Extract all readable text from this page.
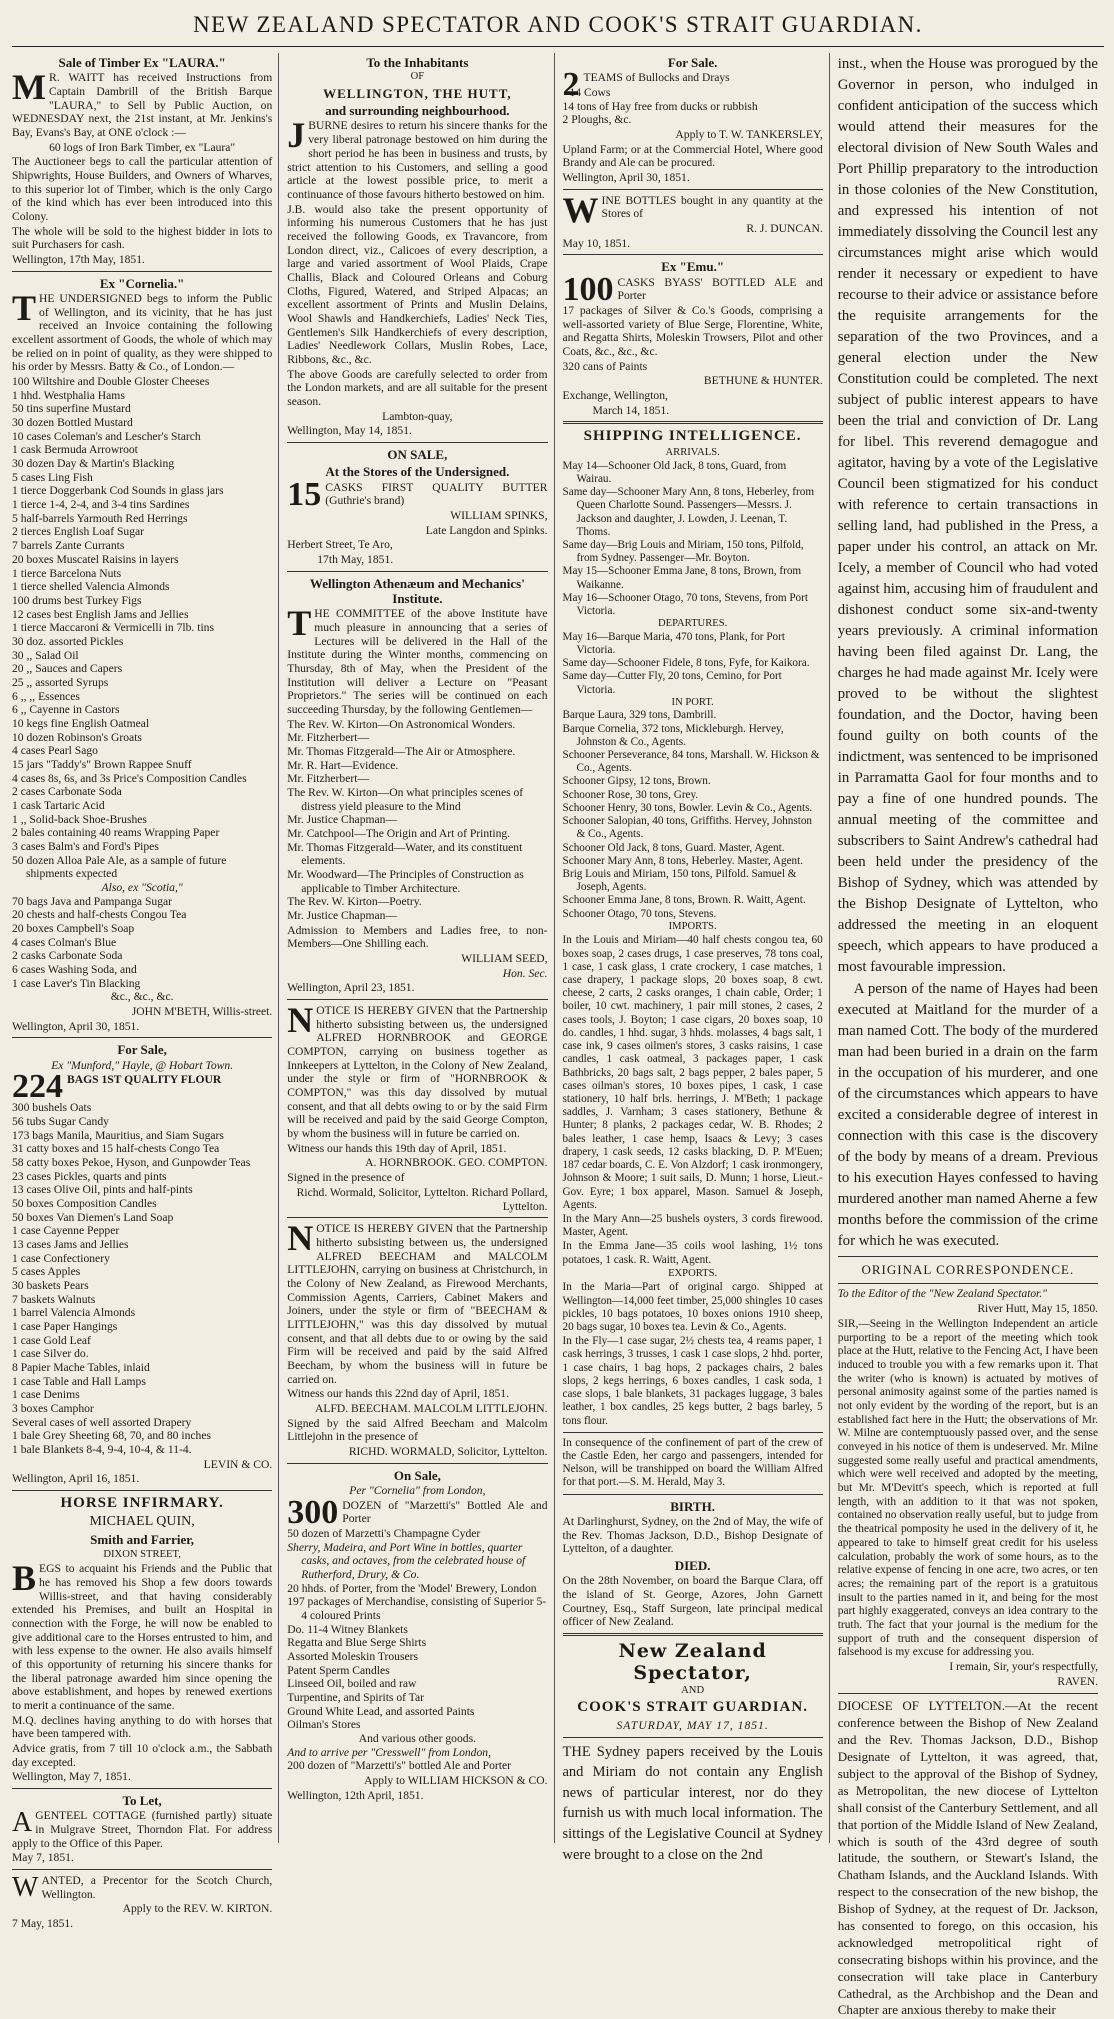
NEW ZEALAND SPECTATOR AND COOK'S STRAIT GUARDIAN.
Sale of Timber Ex "LAURA."

M R. WAITT has received Instructions from Captain Dambrill of the British Barque "LAURA," to Sell by Public Auction, on WEDNESDAY next, the 21st instant, at Mr. Jenkins's Bay, Evans's Bay, at ONE o'clock :—

60 logs of Iron Bark Timber, ex "Laura"

The Auctioneer begs to call the particular attention of Shipwrights, House Builders, and Owners of Wharves, to this superior lot of Timber, which is the only Cargo of the kind which has ever been introduced into this Colony.

The whole will be sold to the highest bidder in lots to suit Purchasers for cash.

Wellington, 17th May, 1851.

Ex "Cornelia."

THE UNDERSIGNED begs to inform the Public of Wellington, and its vicinity, that he has just received an Invoice containing the following excellent assortment of Goods, the whole of which may be relied on in point of quality, as they were shipped to his order by Messrs. Batty & Co., of London.—

100 Wiltshire and Double Gloster Cheeses
1 hhd. Westphalia Hams
50 tins superfine Mustard
30 dozen Bottled Mustard
10 cases Coleman's and Lescher's Starch
1 cask Bermuda Arrowroot
30 dozen Day & Martin's Blacking
5 cases Ling Fish
1 tierce Doggerbank Cod Sounds in glass jars
1 tierce 1-4, 2-4, and 3-4 tins Sardines
5 half-barrels Yarmouth Red Herrings
2 tierces English Loaf Sugar
7 barrels Zante Currants
20 boxes Muscatel Raisins in layers
1 tierce Barcelona Nuts
1 tierce shelled Valencia Almonds
100 drums best Turkey Figs
12 cases best English Jams and Jellies
1 tierce Maccaroni & Vermicelli in 7lb. tins
30 doz. assorted Pickles
30 ,, Salad Oil
20 ,, Sauces and Capers
25 ,, assorted Syrups
6 ,, ,, Essences
6 ,, Cayenne in Castors
10 kegs fine English Oatmeal
10 dozen Robinson's Groats
4 cases Pearl Sago
15 jars "Taddy's" Brown Rappee Snuff
4 cases 8s, 6s, and 3s Price's Composition Candles
2 cases Carbonate Soda
1 cask Tartaric Acid
1 ,, Solid-back Shoe-Brushes
2 bales containing 40 reams Wrapping Paper
3 cases Balm's and Ford's Pipes
50 dozen Alloa Pale Ale, as a sample of future shipments expected
Also, ex "Scotia,"
70 bags Java and Pampanga Sugar
20 chests and half-chests Congou Tea
20 boxes Campbell's Soap
4 cases Colman's Blue
2 casks Carbonate Soda
6 cases Washing Soda, and
1 case Laver's Tin Blacking
&c., &c., &c.

JOHN M'BETH, Willis-street.

Wellington, April 30, 1851.

For Sale,
Ex "Munford," Hayle, @ Hobart Town.

224 BAGS 1ST QUALITY FLOUR

300 bushels Oats
56 tubs Sugar Candy
173 bags Manila, Mauritius, and Siam Sugars
31 catty boxes and 15 half-chests Congo Tea
58 catty boxes Pekoe, Hyson, and Gunpowder Teas
23 cases Pickles, quarts and pints
13 cases Olive Oil, pints and half-pints
50 boxes Composition Candles
50 boxes Van Diemen's Land Soap
1 case Cayenne Pepper
13 cases Jams and Jellies
1 case Confectionery
5 cases Apples
30 baskets Pears
7 baskets Walnuts
1 barrel Valencia Almonds
1 case Paper Hangings
1 case Gold Leaf
1 case Silver do.
8 Papier Mache Tables, inlaid
1 case Table and Hall Lamps
1 case Denims
3 boxes Camphor
Several cases of well assorted Drapery
1 bale Grey Sheeting 68, 70, and 80 inches
1 bale Blankets 8-4, 9-4, 10-4, & 11-4.

LEVIN & CO.

Wellington, April 16, 1851.

HORSE INFIRMARY.
MICHAEL QUIN,
Smith and Farrier,
DIXON STREET,

BEGS to acquaint his Friends and the Public that he has removed his Shop a few doors towards Willis-street, and that having considerably extended his Premises, and built an Hospital in connection with the Forge, he will now be enabled to give additional care to the Horses entrusted to him, and with less expense to the owner. He also avails himself of this opportunity of returning his sincere thanks for the liberal patronage awarded him since opening the above establishment, and hopes by renewed exertions to merit a continuance of the same.

M.Q. declines having anything to do with horses that have been tampered with.

Advice gratis, from 7 till 10 o'clock a.m., the Sabbath day excepted.

Wellington, May 7, 1851.

To Let,

AGENTEEL COTTAGE (furnished partly) situate in Mulgrave Street, Thorndon Flat. For address apply to the Office of this Paper.

May 7, 1851.

WANTED, a Precentor for the Scotch Church, Wellington.

Apply to the REV. W. KIRTON.

7 May, 1851.

To the Inhabitants
OF
WELLINGTON, THE HUTT,
and surrounding neighbourhood.

JBURNE desires to return his sincere thanks for the very liberal patronage bestowed on him during the short period he has been in business and trusts, by strict attention to his Customers, and selling a good article at the lowest possible price, to merit a continuance of those favours hitherto bestowed on him.

J.B. would also take the present opportunity of informing his numerous Customers that he has just received the following Goods, ex Travancore, from London direct, viz., Calicoes of every description, a large and varied assortment of Wool Plaids, Crape Challis, Black and Coloured Orleans and Coburg Cloths, Figured, Watered, and Striped Alpacas; an excellent assortment of Prints and Muslin Delains, Wool Shawls and Handkerchiefs, Ladies' Neck Ties, Gentlemen's Silk Handkerchiefs of every description, Ladies' Needlework Collars, Muslin Robes, Lace, Ribbons, &c., &c.

The above Goods are carefully selected to order from the London markets, and are all suitable for the present season.

Lambton-quay,

Wellington, May 14, 1851.

ON SALE,
At the Stores of the Undersigned.

15 CASKS FIRST QUALITY BUTTER (Guthrie's brand)

WILLIAM SPINKS,

Late Langdon and Spinks.

Herbert Street, Te Aro,

17th May, 1851.

Wellington Athenæum and Mechanics' Institute.

THE COMMITTEE of the above Institute have much pleasure in announcing that a series of Lectures will be delivered in the Hall of the Institute during the Winter months, commencing on Thursday, 8th of May, when the President of the Institution will deliver a Lecture on "Peasant Proprietors." The series will be continued on each succeeding Thursday, by the following Gentlemen—

The Rev. W. Kirton—On Astronomical Wonders.
Mr. Fitzherbert—
Mr. Thomas Fitzgerald—The Air or Atmosphere.
Mr. R. Hart—Evidence.
Mr. Fitzherbert—
The Rev. W. Kirton—On what principles scenes of distress yield pleasure to the Mind
Mr. Justice Chapman—
Mr. Catchpool—The Origin and Art of Printing.
Mr. Thomas Fitzgerald—Water, and its constituent elements.
Mr. Woodward—The Principles of Construction as applicable to Timber Architecture.
The Rev. W. Kirton—Poetry.
Mr. Justice Chapman—

Admission to Members and Ladies free, to non-Members—One Shilling each.

WILLIAM SEED,

Hon. Sec.

Wellington, April 23, 1851.

NOTICE IS HEREBY GIVEN that the Partnership hitherto subsisting between us, the undersigned ALFRED HORNBROOK and GEORGE COMPTON, carrying on business together as Innkeepers at Lyttelton, in the Colony of New Zealand, under the style or firm of "HORNBROOK & COMPTON," was this day dissolved by mutual consent, and that all debts owing to or by the said Firm will be received and paid by the said George Compton, by whom the business will in future be carried on.

Witness our hands this 19th day of April, 1851.

A. HORNBROOK. GEO. COMPTON.

Signed in the presence of

Richd. Wormald, Solicitor, Lyttelton. Richard Pollard, Lyttelton.

NOTICE IS HEREBY GIVEN that the Partnership hitherto subsisting between us, the undersigned ALFRED BEECHAM and MALCOLM LITTLEJOHN, carrying on business at Christchurch, in the Colony of New Zealand, as Firewood Merchants, Commission Agents, Carriers, Cabinet Makers and Joiners, under the style or firm of "BEECHAM & LITTLEJOHN," was this day dissolved by mutual consent, and that all debts due to or owing by the said Firm will be received and paid by the said Alfred Beecham, by whom the business will in future be carried on.

Witness our hands this 22nd day of April, 1851.

ALFD. BEECHAM. MALCOLM LITTLEJOHN.

Signed by the said Alfred Beecham and Malcolm Littlejohn in the presence of

RICHD. WORMALD, Solicitor, Lyttelton.

On Sale,
Per "Cornelia" from London,

300 DOZEN of "Marzetti's" Bottled Ale and Porter

50 dozen of Marzetti's Champagne Cyder
Sherry, Madeira, and Port Wine in bottles, quarter casks, and octaves, from the celebrated house of Rutherford, Drury, & Co.
20 hhds. of Porter, from the 'Model' Brewery, London
197 packages of Merchandise, consisting of Superior 5-4 coloured Prints
Do. 11-4 Witney Blankets
Regatta and Blue Serge Shirts
Assorted Moleskin Trousers
Patent Sperm Candles
Linseed Oil, boiled and raw
Turpentine, and Spirits of Tar
Ground White Lead, and assorted Paints
Oilman's Stores
And various other goods.
And to arrive per "Cresswell" from London,
200 dozen of "Marzetti's" bottled Ale and Porter

Apply to WILLIAM HICKSON & CO.

Wellington, 12th April, 1851.

For Sale.

2 TEAMS of Bullocks and Drays

14 Cows
14 tons of Hay free from ducks or rubbish
2 Ploughs, &c.

Apply to T. W. TANKERSLEY,

Upland Farm; or at the Commercial Hotel, Where good Brandy and Ale can be procured.

Wellington, April 30, 1851.

WINE BOTTLES bought in any quantity at the Stores of

R. J. DUNCAN.

May 10, 1851.

Ex "Emu."

100 CASKS BYASS' BOTTLED ALE and Porter

17 packages of Silver & Co.'s Goods, comprising a well-assorted variety of Blue Serge, Florentine, White, and Regatta Shirts, Moleskin Trowsers, Pilot and other Coats, &c., &c., &c.

320 cans of Paints

BETHUNE & HUNTER.

Exchange, Wellington,

March 14, 1851.

SHIPPING INTELLIGENCE.
ARRIVALS.
May 14—Schooner Old Jack, 8 tons, Guard, from Wairau.
Same day—Schooner Mary Ann, 8 tons, Heberley, from Queen Charlotte Sound. Passengers—Messrs. J. Jackson and daughter, J. Lowden, J. Leenan, T. Thoms.
Same day—Brig Louis and Miriam, 150 tons, Pilfold, from Sydney. Passenger—Mr. Boyton.
May 15—Schooner Emma Jane, 8 tons, Brown, from Waikanne.
May 16—Schooner Otago, 70 tons, Stevens, from Port Victoria.
DEPARTURES.
May 16—Barque Maria, 470 tons, Plank, for Port Victoria.
Same day—Schooner Fidele, 8 tons, Fyfe, for Kaikora.
Same day—Cutter Fly, 20 tons, Cemino, for Port Victoria.
IN PORT.
Barque Laura, 329 tons, Dambrill.
Barque Cornelia, 372 tons, Mickleburgh. Hervey, Johnston & Co., Agents.
Schooner Perseverance, 84 tons, Marshall. W. Hickson & Co., Agents.
Schooner Gipsy, 12 tons, Brown.
Schooner Rose, 30 tons, Grey.
Schooner Henry, 30 tons, Bowler. Levin & Co., Agents.
Schooner Salopian, 40 tons, Griffiths. Hervey, Johnston & Co., Agents.
Schooner Old Jack, 8 tons, Guard. Master, Agent.
Schooner Mary Ann, 8 tons, Heberley. Master, Agent.
Brig Louis and Miriam, 150 tons, Pilfold. Samuel & Joseph, Agents.
Schooner Emma Jane, 8 tons, Brown. R. Waitt, Agent.
Schooner Otago, 70 tons, Stevens.
IMPORTS.

In the Louis and Miriam—40 half chests congou tea, 60 boxes soap, 2 cases drugs, 1 case preserves, 78 tons coal, 1 case, 1 cask glass, 1 crate crockery, 1 case matches, 1 case drapery, 1 package slops, 20 boxes soap, 8 cwt. cheese, 2 carts, 2 casks oranges, 1 chain cable, Order; 1 boiler, 10 cwt. machinery, 1 pair mill stones, 2 cases, 2 cases tools, J. Boyton; 1 case cigars, 20 boxes soap, 10 do. candles, 1 hhd. sugar, 3 hhds. molasses, 4 bags salt, 1 case ink, 9 cases oilmen's stores, 3 casks raisins, 1 case candles, 1 cask oatmeal, 3 packages paper, 1 cask Bathbricks, 20 bags salt, 2 bags pepper, 2 bales paper, 5 cases oilman's stores, 10 boxes pipes, 1 cask, 1 case stationery, 10 half brls. herrings, J. M'Beth; 1 package saddles, J. Varnham; 3 cases stationery, Bethune & Hunter; 8 planks, 2 packages cedar, W. B. Rhodes; 2 bales leather, 1 case hemp, Isaacs & Levy; 3 cases drapery, 1 cask seeds, 12 casks blacking, D. P. M'Euen; 187 cedar boards, C. E. Von Alzdorf; 1 cask ironmongery, Johnson & Moore; 1 suit sails, D. Munn; 1 horse, Lieut.-Gov. Eyre; 1 box apparel, Mason. Samuel & Joseph, Agents.

In the Mary Ann—25 bushels oysters, 3 cords firewood. Master, Agent.

In the Emma Jane—35 coils wool lashing, 1½ tons potatoes, 1 cask. R. Waitt, Agent.

EXPORTS.

In the Maria—Part of original cargo. Shipped at Wellington—14,000 feet timber, 25,000 shingles 10 cases pickles, 10 bags potatoes, 10 boxes onions 1910 sheep, 20 bags sugar, 10 boxes tea. Levin & Co., Agents.

In the Fly—1 case sugar, 2½ chests tea, 4 reams paper, 1 cask herrings, 3 trusses, 1 cask 1 case slops, 2 hhd. porter, 1 case chairs, 1 bag hops, 2 packages chairs, 2 bales slops, 2 kegs herrings, 6 boxes candles, 1 cask soda, 1 case slops, 1 bale blankets, 31 packages luggage, 3 bales leather, 1 box candles, 25 kegs butter, 2 bags barley, 5 tons flour.

In consequence of the confinement of part of the crew of the Castle Eden, her cargo and passengers, intended for Nelson, will be transhipped on board the William Alfred for that port.—S. M. Herald, May 3.

BIRTH.

At Darlinghurst, Sydney, on the 2nd of May, the wife of the Rev. Thomas Jackson, D.D., Bishop Designate of Lyttelton, of a daughter.

DIED.

On the 28th November, on board the Barque Clara, off the island of St. George, Azores, John Garnett Courtney, Esq., Staff Surgeon, late principal medical officer of New Zealand.

New Zealand Spectator,
AND
COOK'S STRAIT GUARDIAN.
SATURDAY, MAY 17, 1851.

THE Sydney papers received by the Louis and Miriam do not contain any English news of particular interest, nor do they furnish us with much local information. The sittings of the Legislative Council at Sydney were brought to a close on the 2nd

inst., when the House was prorogued by the Governor in person, who indulged in confident anticipation of the success which would attend their measures for the electoral division of New South Wales and Port Phillip preparatory to the introduction in those colonies of the New Constitution, and expressed his intention of not immediately dissolving the Council lest any circumstances might arise which would render it necessary or expedient to have recourse to their advice or assistance before the requisite arrangements for the separation of the two Provinces, and a general election under the New Constitution could be completed. The next subject of public interest appears to have been the trial and conviction of Dr. Lang for libel. This reverend demagogue and agitator, having by a vote of the Legislative Council been stigmatized for his conduct with reference to certain transactions in selling land, had published in the Press, a paper under his control, an attack on Mr. Icely, a member of Council who had voted against him, accusing him of fraudulent and dishonest conduct some six-and-twenty years previously. A criminal information having been filed against Dr. Lang, the charges he had made against Mr. Icely were proved to be without the slightest foundation, and the Doctor, having been found guilty on both counts of the indictment, was sentenced to be imprisoned in Parramatta Gaol for four months and to pay a fine of one hundred pounds. The annual meeting of the committee and subscribers to Saint Andrew's cathedral had been held under the presidency of the Bishop of Sydney, which was attended by the Bishop Designate of Lyttelton, who addressed the meeting in an eloquent speech, which appears to have produced a most favourable impression.

A person of the name of Hayes had been executed at Maitland for the murder of a man named Cott. The body of the murdered man had been buried in a drain on the farm in the occupation of his murderer, and one of the circumstances which appears to have excited a considerable degree of interest in connection with this case is the discovery of the body by means of a dream. Previous to his execution Hayes confessed to having murdered another man named Aherne a few months before the commission of the crime for which he was executed.

ORIGINAL CORRESPONDENCE.

To the Editor of the "New Zealand Spectator."

River Hutt, May 15, 1850.

SIR,—Seeing in the Wellington Independent an article purporting to be a report of the meeting which took place at the Hutt, relative to the Fencing Act, I have been induced to trouble you with a few remarks upon it. That the writer (who is known) is actuated by motives of personal animosity against some of the parties named is not only evident by the wording of the report, but is an established fact here in the Hutt; the observations of Mr. W. Milne are contemptuously passed over, and the sense conveyed in his notice of them is undeserved. Mr. Milne suggested some really useful and practical amendments, which were well received and adopted by the meeting, but Mr. M'Devitt's speech, which is reported at full length, with an addition to it that was not spoken, contained no observation really useful, but to judge from the theatrical pomposity he used in the delivery of it, he appeared to take to himself great credit for his useless calculation, probably the work of some hours, as to the relative expense of fencing in one acre, two acres, or ten acres; the remaining part of the report is a gratuitous insult to the parties named in it, and being for the most part highly exaggerated, conveys an idea contrary to the truth. The fact that your journal is the medium for the support of truth and the consequent dispersion of falsehood is my excuse for addressing you.

I remain, Sir, your's respectfully,

RAVEN.

DIOCESE OF LYTTELTON.—At the recent conference between the Bishop of New Zealand and the Rev. Thomas Jackson, D.D., Bishop Designate of Lyttelton, it was agreed, that, subject to the approval of the Bishop of Sydney, as Metropolitan, the new diocese of Lyttelton shall consist of the Canterbury Settlement, and all that portion of the Middle Island of New Zealand, which is south of the 43rd degree of south latitude, the southern, or Stewart's Island, the Chatham Islands, and the Auckland Islands. With respect to the consecration of the new bishop, the Bishop of Sydney, at the request of Dr. Jackson, has consented to forego, on this occasion, his acknowledged metropolitical right of consecrating bishops within his province, and the consecration will take place in Canterbury Cathedral, as the Archbishop and the Dean and Chapter are anxious thereby to make their
